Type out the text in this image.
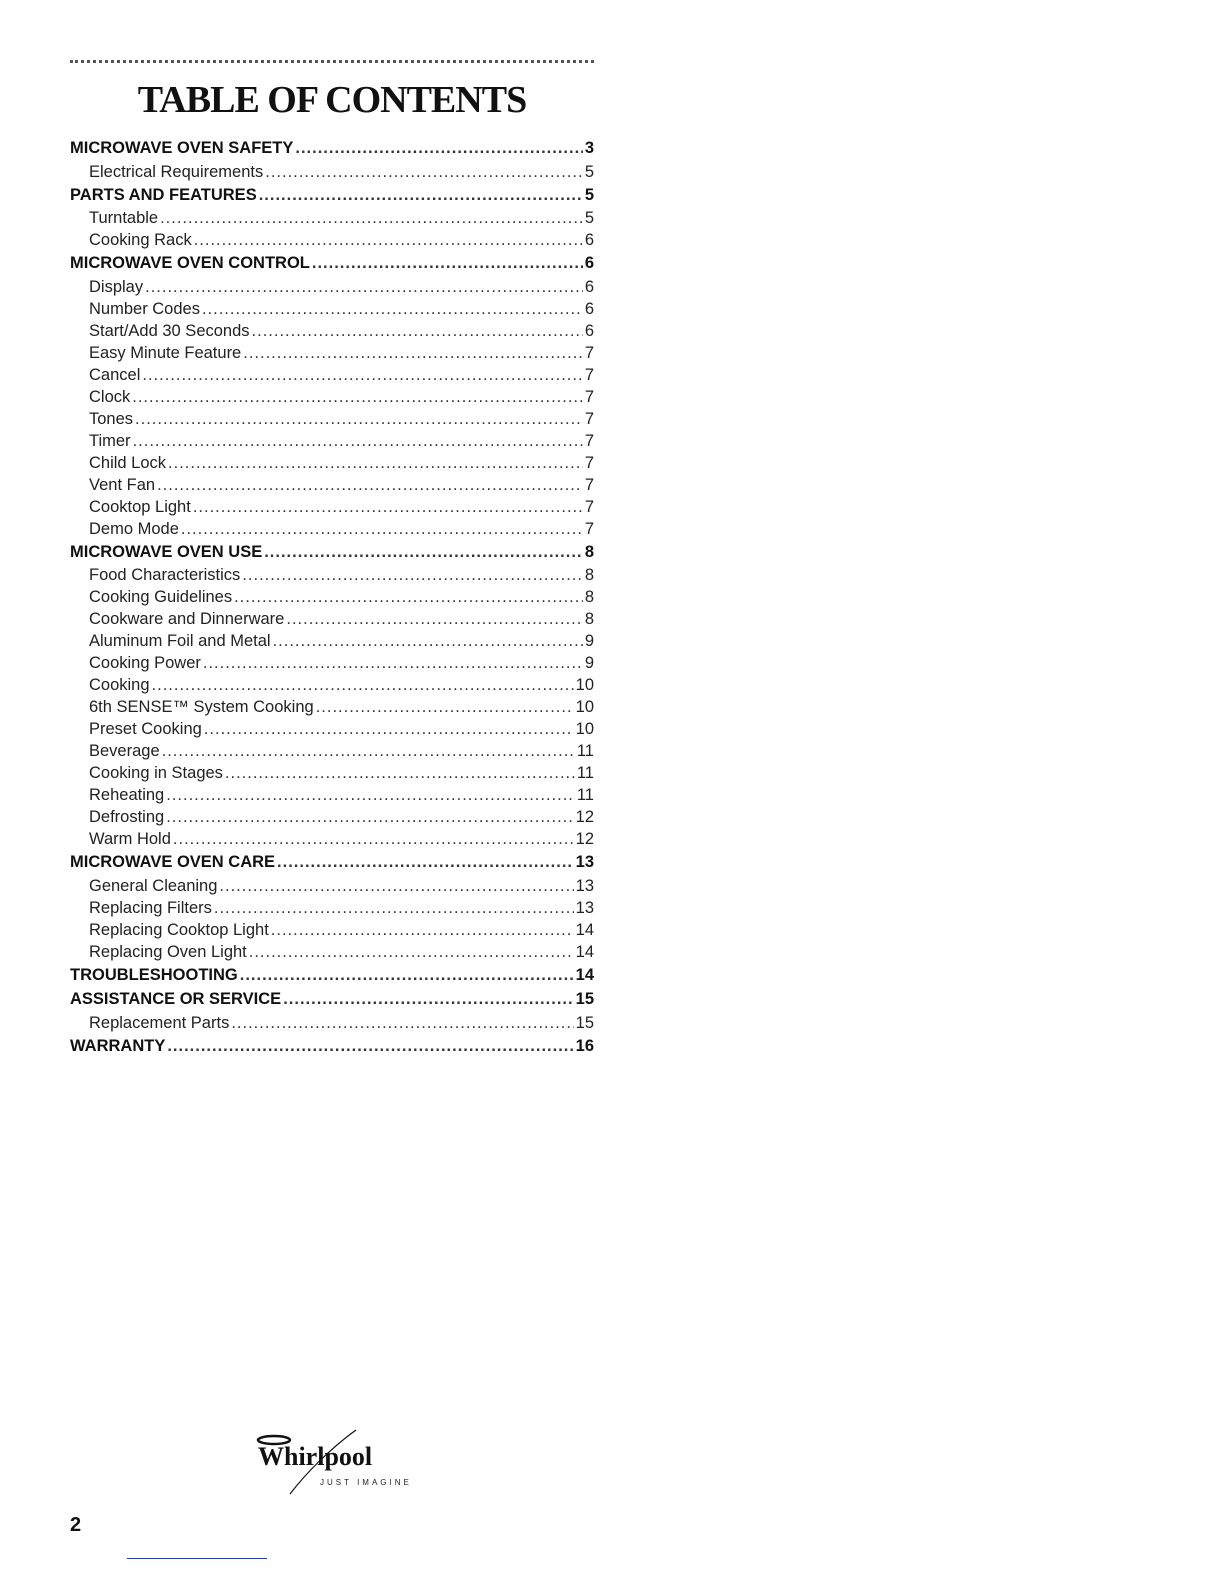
TABLE OF CONTENTS
MICROWAVE OVEN SAFETY .....	3
Electrical Requirements .....	5
PARTS AND FEATURES .....	5
Turntable .....	5
Cooking Rack .....	6
MICROWAVE OVEN CONTROL .....	6
Display .....	6
Number Codes .....	6
Start/Add 30 Seconds .....	6
Easy Minute Feature .....	7
Cancel .....	7
Clock .....	7
Tones .....	7
Timer .....	7
Child Lock .....	7
Vent Fan .....	7
Cooktop Light .....	7
Demo Mode .....	7
MICROWAVE OVEN USE .....	8
Food Characteristics .....	8
Cooking Guidelines .....	8
Cookware and Dinnerware .....	8
Aluminum Foil and Metal .....	9
Cooking Power .....	9
Cooking .....	10
6th SENSE™ System Cooking .....	10
Preset Cooking .....	10
Beverage .....	11
Cooking in Stages .....	11
Reheating .....	11
Defrosting .....	12
Warm Hold .....	12
MICROWAVE OVEN CARE .....	13
General Cleaning .....	13
Replacing Filters .....	13
Replacing Cooktop Light .....	14
Replacing Oven Light .....	14
TROUBLESHOOTING .....	14
ASSISTANCE OR SERVICE .....	15
Replacement Parts .....	15
WARRANTY .....	16
Whirlpool
JUST IMAGINE
2
